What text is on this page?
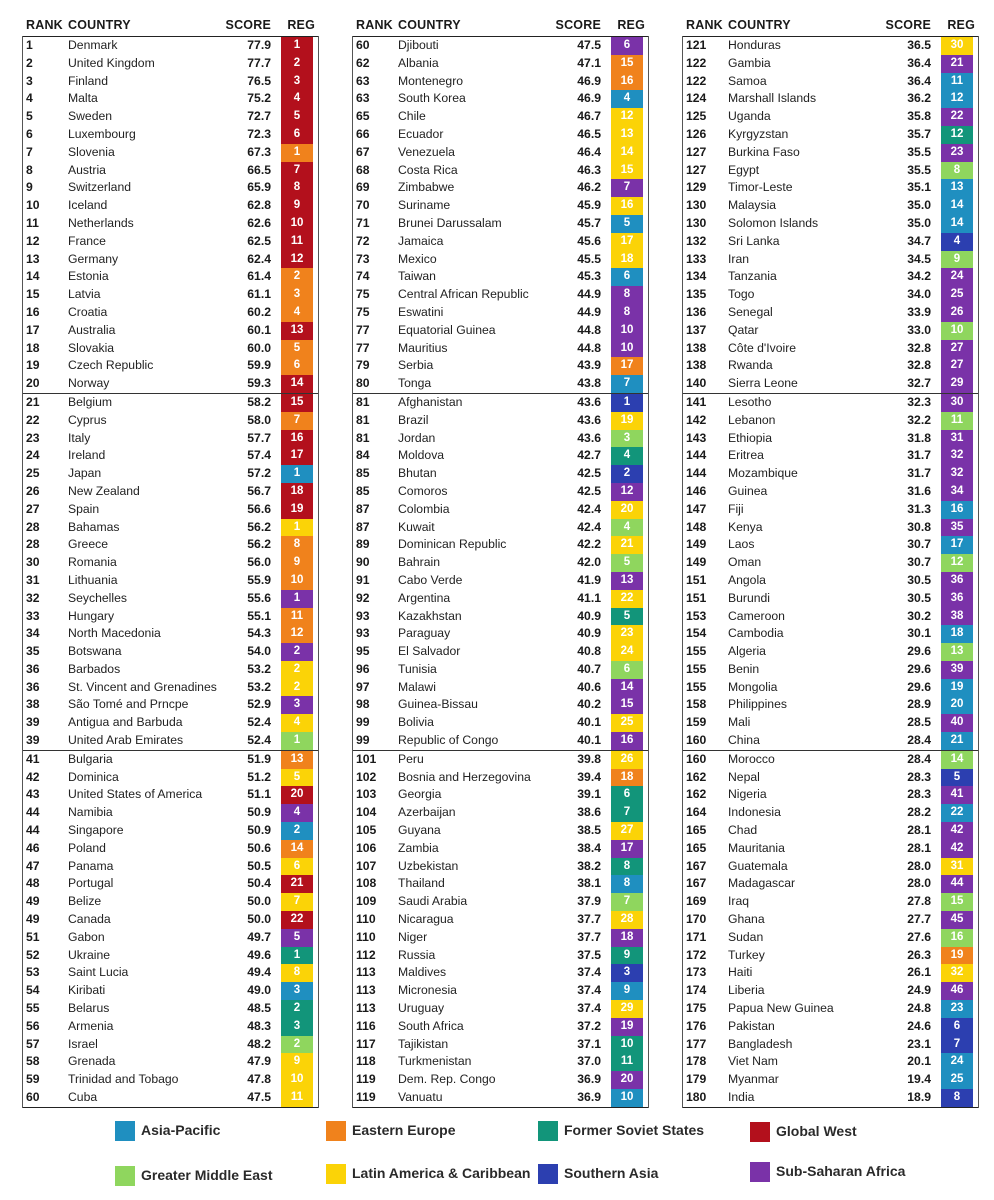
RANK COUNTRY	SCORE REG
1	Denmark	77.9	1
2	United Kingdom	77.7	2
3	Finland	76.5	3
4	Malta	75.2	4
5	Sweden	72.7	5
6	Luxembourg	72.3	6
7	Slovenia	67.3	1
8	Austria	66.5	7
9	Switzerland	65.9	8
10 Iceland	62.8	9
11 Netherlands	62.6	10
12 France	62.5	11
13 Germany	62.4	12
14 Estonia	61.4	2
15 Latvia	61.1	3
16 Croatia	60.2	4
17 Australia	60.1	13
18 Slovakia	60.0	5
19 Czech Republic	59.9	6
20 Norway	59.3	14
21 Belgium	58.2	15
22 Cyprus	58.0	7
23 Italy	57.7	16
24 Ireland	57.4	17
25 Japan	57.2	1
26 New Zealand	56.7	18
27 Spain	56.6	19
28 Bahamas	56.2	1
28 Greece	56.2	8
30 Romania	56.0	9
31 Lithuania	55.9	10
32 Seychelles	55.6	1
33 Hungary	55.1	11
34 North Macedonia	54.3	12
35 Botswana	54.0	2
36 Barbados	53.2	2
36 St. Vincent and Grenadines 53.2	2
38 São Tomé and Prncpe	52.9	3
39 Antigua and Barbuda	52.4	4
39 United Arab Emirates	52.4	1
41 Bulgaria	51.9	13
42 Dominica	51.2	5
43 United States of America	51.1	20
44 Namibia	50.9	4
44 Singapore	50.9	2
46 Poland	50.6	14
47 Panama	50.5	6
48 Portugal	50.4	21
49 Belize	50.0	7
49 Canada	50.0	22
51 Gabon	49.7	5
52 Ukraine	49.6	1
53 Saint Lucia	49.4	8
54 Kiribati	49.0	3
55 Belarus	48.5	2
56 Armenia	48.3	3
57 Israel	48.2	2
58 Grenada	47.9	9
59 Trinidad and Tobago	47.8	10
60 Cuba	47.5	11
RANK COUNTRY	SCORE REG
60 Djibouti	47.5	6
62 Albania	47.1	15
63 Montenegro	46.9	16
63 South Korea	46.9	4
65 Chile	46.7	12
66 Ecuador	46.5	13
67 Venezuela	46.4	14
68 Costa Rica	46.3	15
69 Zimbabwe	46.2	7
70 Suriname	45.9	16
71 Brunei Darussalam	45.7	5
72 Jamaica	45.6	17
73 Mexico	45.5	18
74 Taiwan	45.3	6
75 Central African Republic	44.9	8
75 Eswatini	44.9	8
77 Equatorial Guinea	44.8	10
77 Mauritius	44.8	10
79 Serbia	43.9	17
80 Tonga	43.8	7
81 Afghanistan	43.6	1
81 Brazil	43.6	19
81 Jordan	43.6	3
84 Moldova	42.7	4
85 Bhutan	42.5	2
85 Comoros	42.5	12
87 Colombia	42.4	20
87 Kuwait	42.4	4
89 Dominican Republic	42.2	21
90 Bahrain	42.0	5
91 Cabo Verde	41.9	13
92 Argentina	41.1	22
93 Kazakhstan	40.9	5
93 Paraguay	40.9	23
95 El Salvador	40.8	24
96 Tunisia	40.7	6
97 Malawi	40.6	14
98 Guinea-Bissau	40.2	15
99 Bolivia	40.1	25
99 Republic of Congo	40.1	16
101 Peru	39.8	26
102 Bosnia and Herzegovina	39.4	18
103 Georgia	39.1	6
104 Azerbaijan	38.6	7
105 Guyana	38.5	27
106 Zambia	38.4	17
107 Uzbekistan	38.2	8
108 Thailand	38.1	8
109 Saudi Arabia	37.9	7
110 Nicaragua	37.7	28
110 Niger	37.7	18
112 Russia	37.5	9
113 Maldives	37.4	3
113 Micronesia	37.4	9
113 Uruguay	37.4	29
116 South Africa	37.2	19
117 Tajikistan	37.1	10
118 Turkmenistan	37.0	11
119 Dem. Rep. Congo	36.9	20
119 Vanuatu	36.9	10
RANK COUNTRY	SCORE REG
121 Honduras	36.5	30
122 Gambia	36.4	21
122 Samoa	36.4	11
124 Marshall Islands	36.2	12
125 Uganda	35.8	22
126 Kyrgyzstan	35.7	12
127 Burkina Faso	35.5	23
127 Egypt	35.5	8
129 Timor-Leste	35.1	13
130 Malaysia	35.0	14
130 Solomon Islands	35.0	14
132 Sri Lanka	34.7	4
133 Iran	34.5	9
134 Tanzania	34.2	24
135 Togo	34.0	25
136 Senegal	33.9	26
137 Qatar	33.0	10
138 Côte d'Ivoire	32.8	27
138 Rwanda	32.8	27
140 Sierra Leone	32.7	29
141 Lesotho	32.3	30
142 Lebanon	32.2	11
143 Ethiopia	31.8	31
144 Eritrea	31.7	32
144 Mozambique	31.7	32
146 Guinea	31.6	34
147 Fiji	31.3	16
148 Kenya	30.8	35
149 Laos	30.7	17
149 Oman	30.7	12
151 Angola	30.5	36
151 Burundi	30.5	36
153 Cameroon	30.2	38
154 Cambodia	30.1	18
155 Algeria	29.6	13
155 Benin	29.6	39
155 Mongolia	29.6	19
158 Philippines	28.9	20
159 Mali	28.5	40
160 China	28.4	21
160 Morocco	28.4	14
162 Nepal	28.3	5
162 Nigeria	28.3	41
164 Indonesia	28.2	22
165 Chad	28.1	42
165 Mauritania	28.1	42
167 Guatemala	28.0	31
167 Madagascar	28.0	44
169 Iraq	27.8	15
170 Ghana	27.7	45
171 Sudan	27.6	16
172 Turkey	26.3	19
173 Haiti	26.1	32
174 Liberia	24.9	46
175 Papua New Guinea	24.8	23
176 Pakistan	24.6	6
177 Bangladesh	23.1	7
178 Viet Nam	20.1	24
179 Myanmar	19.4	25
180 India	18.9	8
Asia-Pacific	Eastern Europe	Former Soviet States	Global West
Greater Middle East	Latin America & Caribbean Southern Asia	Sub-Saharan Africa
